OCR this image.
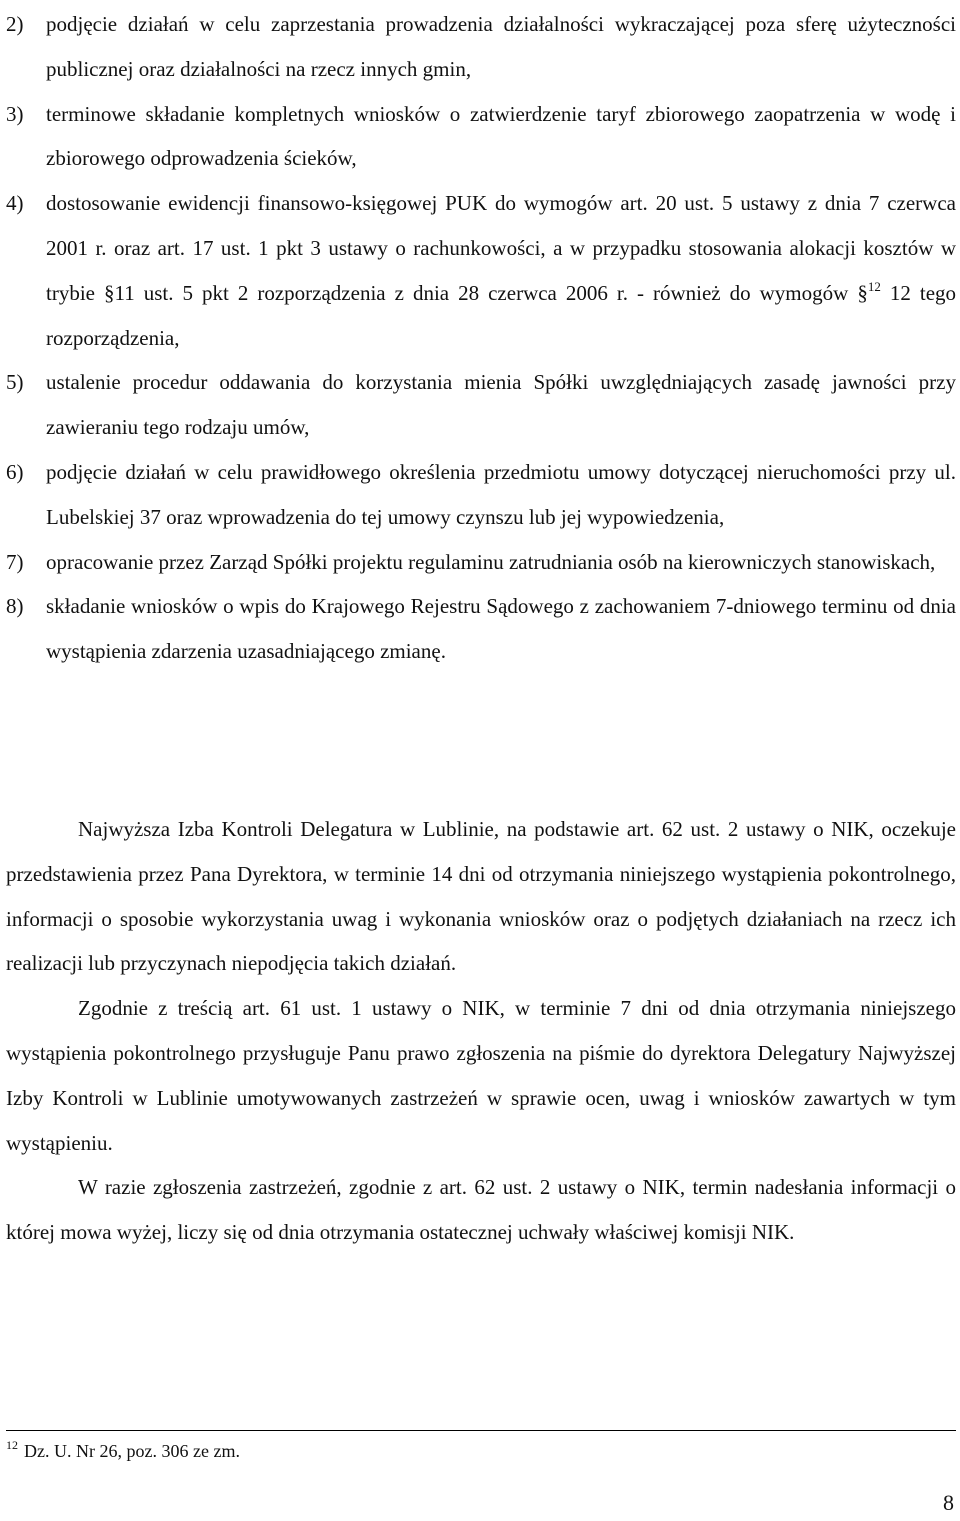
2) podjęcie działań w celu zaprzestania prowadzenia działalności wykraczającej poza sferę użyteczności publicznej oraz działalności na rzecz innych gmin,
3) terminowe składanie kompletnych wniosków o zatwierdzenie taryf zbiorowego zaopatrzenia w wodę i zbiorowego odprowadzenia ścieków,
4) dostosowanie ewidencji finansowo-księgowej PUK do wymogów art. 20 ust. 5 ustawy z dnia 7 czerwca 2001 r. oraz art. 17 ust. 1 pkt 3 ustawy o rachunkowości, a w przypadku stosowania alokacji kosztów w trybie §11 ust. 5 pkt 2 rozporządzenia z dnia 28 czerwca 2006 r. - również do wymogów §$^{12}$ 12 tego rozporządzenia,
5) ustalenie procedur oddawania do korzystania mienia Spółki uwzględniających zasadę jawności przy zawieraniu tego rodzaju umów,
6) podjęcie działań w celu prawidłowego określenia przedmiotu umowy dotyczącej nieruchomości przy ul. Lubelskiej 37 oraz wprowadzenia do tej umowy czynszu lub jej wypowiedzenia,
7) opracowanie przez Zarząd Spółki projektu regulaminu zatrudniania osób na kierowniczych stanowiskach,
8) składanie wniosków o wpis do Krajowego Rejestru Sądowego z zachowaniem 7-dniowego terminu od dnia wystąpienia zdarzenia uzasadniającego zmianę.

Najwyższa Izba Kontroli Delegatura w Lublinie, na podstawie art. 62 ust. 2 ustawy o NIK, oczekuje przedstawienia przez Pana Dyrektora, w terminie 14 dni od otrzymania niniejszego wystąpienia pokontrolnego, informacji o sposobie wykorzystania uwag i wykonania wniosków oraz o podjętych działaniach na rzecz ich realizacji lub przyczynach niepodjęcia takich działań.

Zgodnie z treścią art. 61 ust. 1 ustawy o NIK, w terminie 7 dni od dnia otrzymania niniejszego wystąpienia pokontrolnego przysługuje Panu prawo zgłoszenia na piśmie do dyrektora Delegatury Najwyższej Izby Kontroli w Lublinie umotywowanych zastrzeżeń w sprawie ocen, uwag i wniosków zawartych w tym wystąpieniu.

W razie zgłoszenia zastrzeżeń, zgodnie z art. 62 ust. 2 ustawy o NIK, termin nadesłania informacji o której mowa wyżej, liczy się od dnia otrzymania ostatecznej uchwały właściwej komisji NIK.

$^{12}$ Dz. U. Nr 26, poz. 306 ze zm.
8
